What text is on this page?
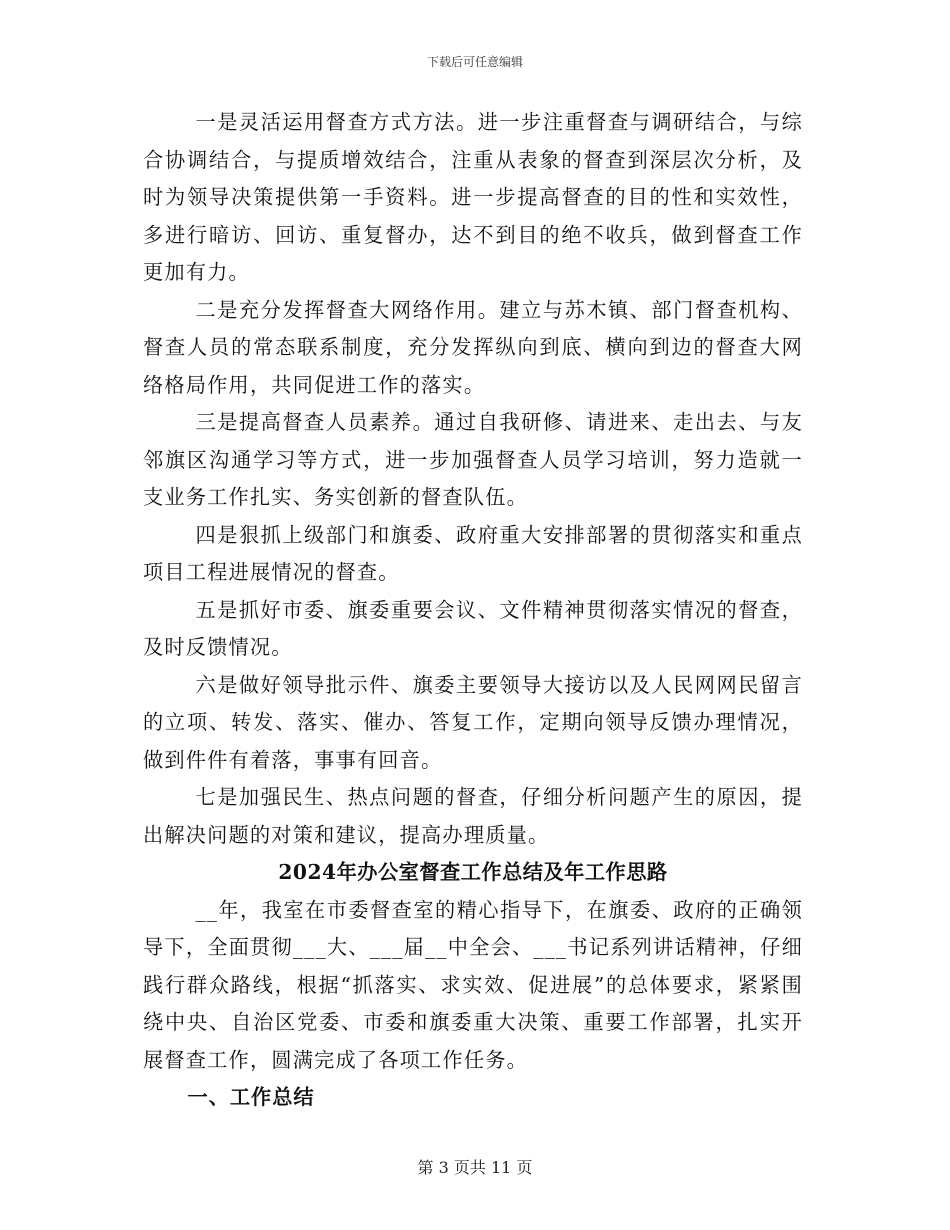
下载后可任意编辑

一是灵活运用督查方式方法。进一步注重督查与调研结合，与综合协调结合，与提质增效结合，注重从表象的督查到深层次分析，及时为领导决策提供第一手资料。进一步提高督查的目的性和实效性，多进行暗访、回访、重复督办，达不到目的绝不收兵，做到督查工作更加有力。

二是充分发挥督查大网络作用。建立与苏木镇、部门督查机构、督查人员的常态联系制度，充分发挥纵向到底、横向到边的督查大网络格局作用，共同促进工作的落实。

三是提高督查人员素养。通过自我研修、请进来、走出去、与友邻旗区沟通学习等方式，进一步加强督查人员学习培训，努力造就一支业务工作扎实、务实创新的督查队伍。

四是狠抓上级部门和旗委、政府重大安排部署的贯彻落实和重点项目工程进展情况的督查。

五是抓好市委、旗委重要会议、文件精神贯彻落实情况的督查，及时反馈情况。

六是做好领导批示件、旗委主要领导大接访以及人民网网民留言的立项、转发、落实、催办、答复工作，定期向领导反馈办理情况，做到件件有着落，事事有回音。

七是加强民生、热点问题的督查，仔细分析问题产生的原因，提出解决问题的对策和建议，提高办理质量。

2024年办公室督查工作总结及年工作思路

__年，我室在市委督查室的精心指导下，在旗委、政府的正确领导下，全面贯彻___大、___届__中全会、___书记系列讲话精神，仔细践行群众路线，根据“抓落实、求实效、促进展”的总体要求，紧紧围绕中央、自治区党委、市委和旗委重大决策、重要工作部署，扎实开展督查工作，圆满完成了各项工作任务。

一、工作总结

第 3 页共 11 页
